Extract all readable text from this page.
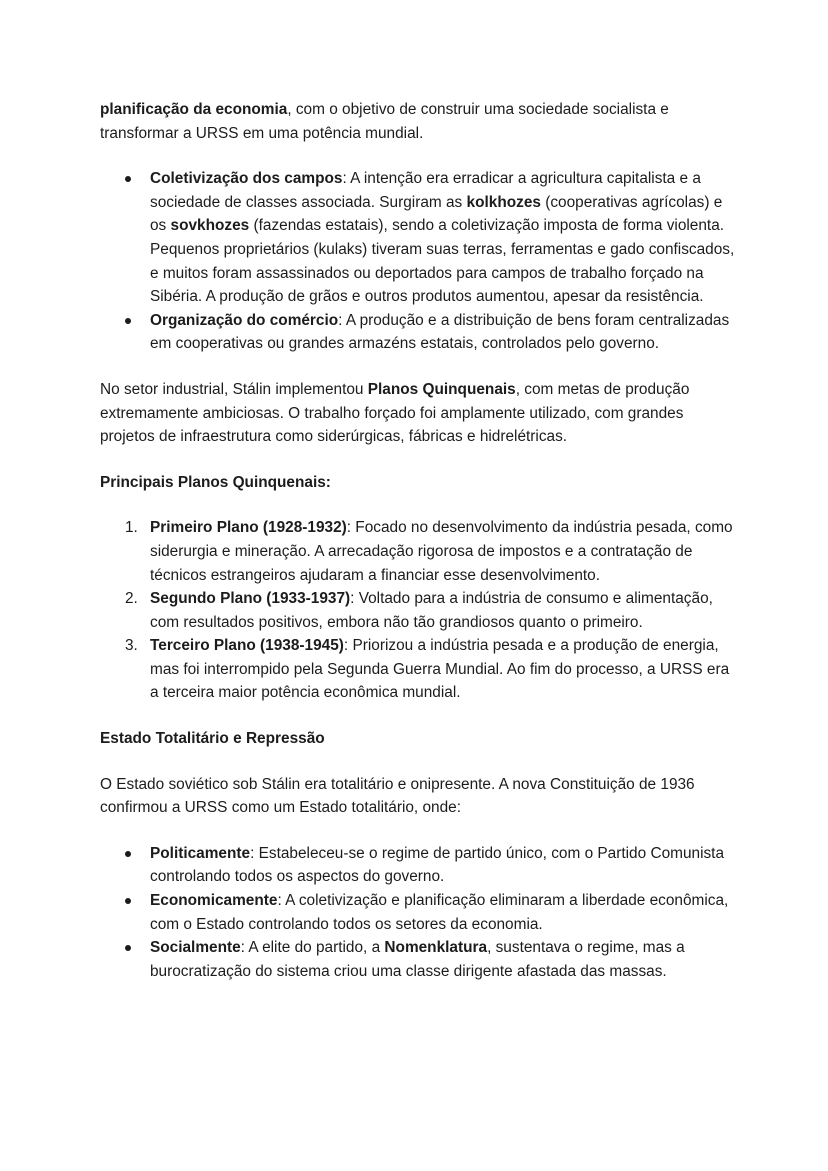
planificação da economia, com o objetivo de construir uma sociedade socialista e transformar a URSS em uma potência mundial.

Coletivização dos campos: A intenção era erradicar a agricultura capitalista e a sociedade de classes associada. Surgiram as kolkhozes (cooperativas agrícolas) e os sovkhozes (fazendas estatais), sendo a coletivização imposta de forma violenta. Pequenos proprietários (kulaks) tiveram suas terras, ferramentas e gado confiscados, e muitos foram assassinados ou deportados para campos de trabalho forçado na Sibéria. A produção de grãos e outros produtos aumentou, apesar da resistência.
Organização do comércio: A produção e a distribuição de bens foram centralizadas em cooperativas ou grandes armazéns estatais, controlados pelo governo.

No setor industrial, Stálin implementou Planos Quinquenais, com metas de produção extremamente ambiciosas. O trabalho forçado foi amplamente utilizado, com grandes projetos de infraestrutura como siderúrgicas, fábricas e hidrelétricas.

Principais Planos Quinquenais:

1. Primeiro Plano (1928-1932): Focado no desenvolvimento da indústria pesada, como siderurgia e mineração. A arrecadação rigorosa de impostos e a contratação de técnicos estrangeiros ajudaram a financiar esse desenvolvimento.
2. Segundo Plano (1933-1937): Voltado para a indústria de consumo e alimentação, com resultados positivos, embora não tão grandiosos quanto o primeiro.
3. Terceiro Plano (1938-1945): Priorizou a indústria pesada e a produção de energia, mas foi interrompido pela Segunda Guerra Mundial. Ao fim do processo, a URSS era a terceira maior potência econômica mundial.

Estado Totalitário e Repressão

O Estado soviético sob Stálin era totalitário e onipresente. A nova Constituição de 1936 confirmou a URSS como um Estado totalitário, onde:

Politicamente: Estabeleceu-se o regime de partido único, com o Partido Comunista controlando todos os aspectos do governo.
Economicamente: A coletivização e planificação eliminaram a liberdade econômica, com o Estado controlando todos os setores da economia.
Socialmente: A elite do partido, a Nomenklatura, sustentava o regime, mas a burocratização do sistema criou uma classe dirigente afastada das massas.
